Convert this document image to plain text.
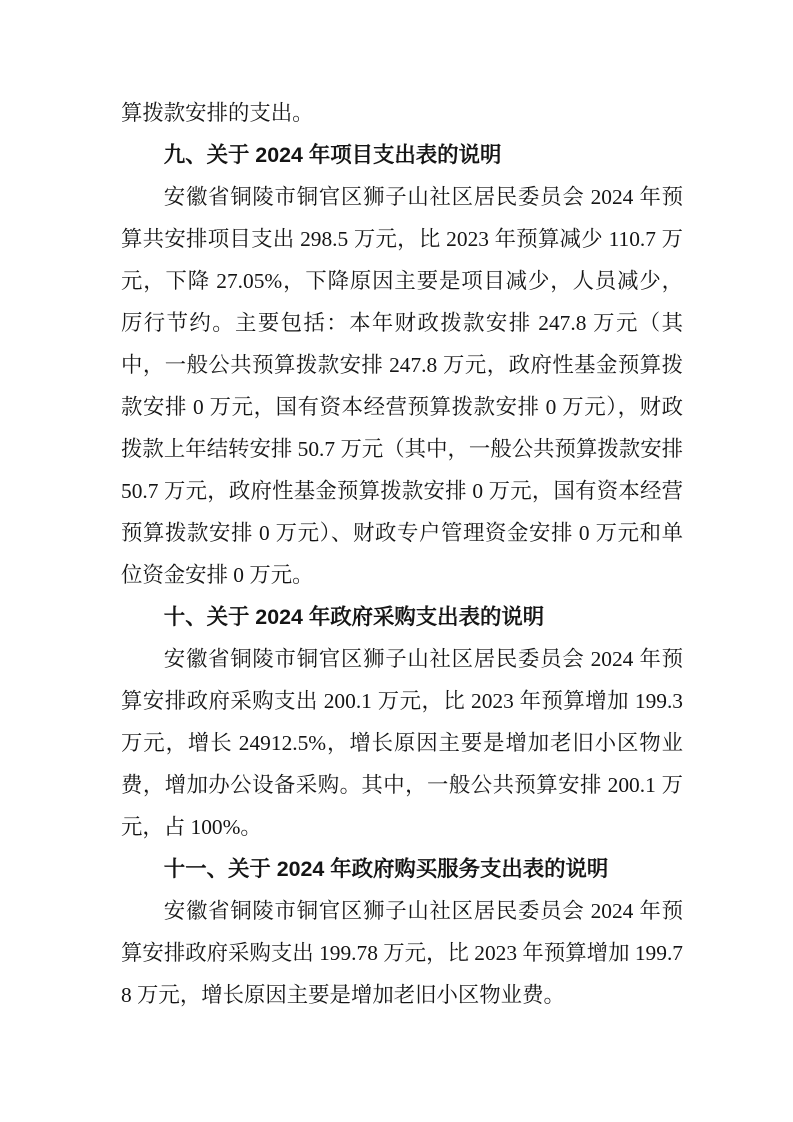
算拨款安排的支出。

九、关于 2024 年项目支出表的说明

安徽省铜陵市铜官区狮子山社区居民委员会 2024 年预算共安排项目支出 298.5 万元，比 2023 年预算减少 110.7 万元，下降 27.05%，下降原因主要是项目减少，人员减少，厉行节约。主要包括：本年财政拨款安排 247.8 万元（其中，一般公共预算拨款安排 247.8 万元，政府性基金预算拨款安排 0 万元，国有资本经营预算拨款安排 0 万元），财政拨款上年结转安排 50.7 万元（其中，一般公共预算拨款安排 50.7 万元，政府性基金预算拨款安排 0 万元，国有资本经营预算拨款安排 0 万元）、财政专户管理资金安排 0 万元和单位资金安排 0 万元。

十、关于 2024 年政府采购支出表的说明

安徽省铜陵市铜官区狮子山社区居民委员会 2024 年预算安排政府采购支出 200.1 万元，比 2023 年预算增加 199.3 万元，增长 24912.5%，增长原因主要是增加老旧小区物业费，增加办公设备采购。其中，一般公共预算安排 200.1 万元，占 100%。

十一、关于 2024 年政府购买服务支出表的说明

安徽省铜陵市铜官区狮子山社区居民委员会 2024 年预算安排政府采购支出 199.78 万元，比 2023 年预算增加 199.78 万元，增长原因主要是增加老旧小区物业费。
